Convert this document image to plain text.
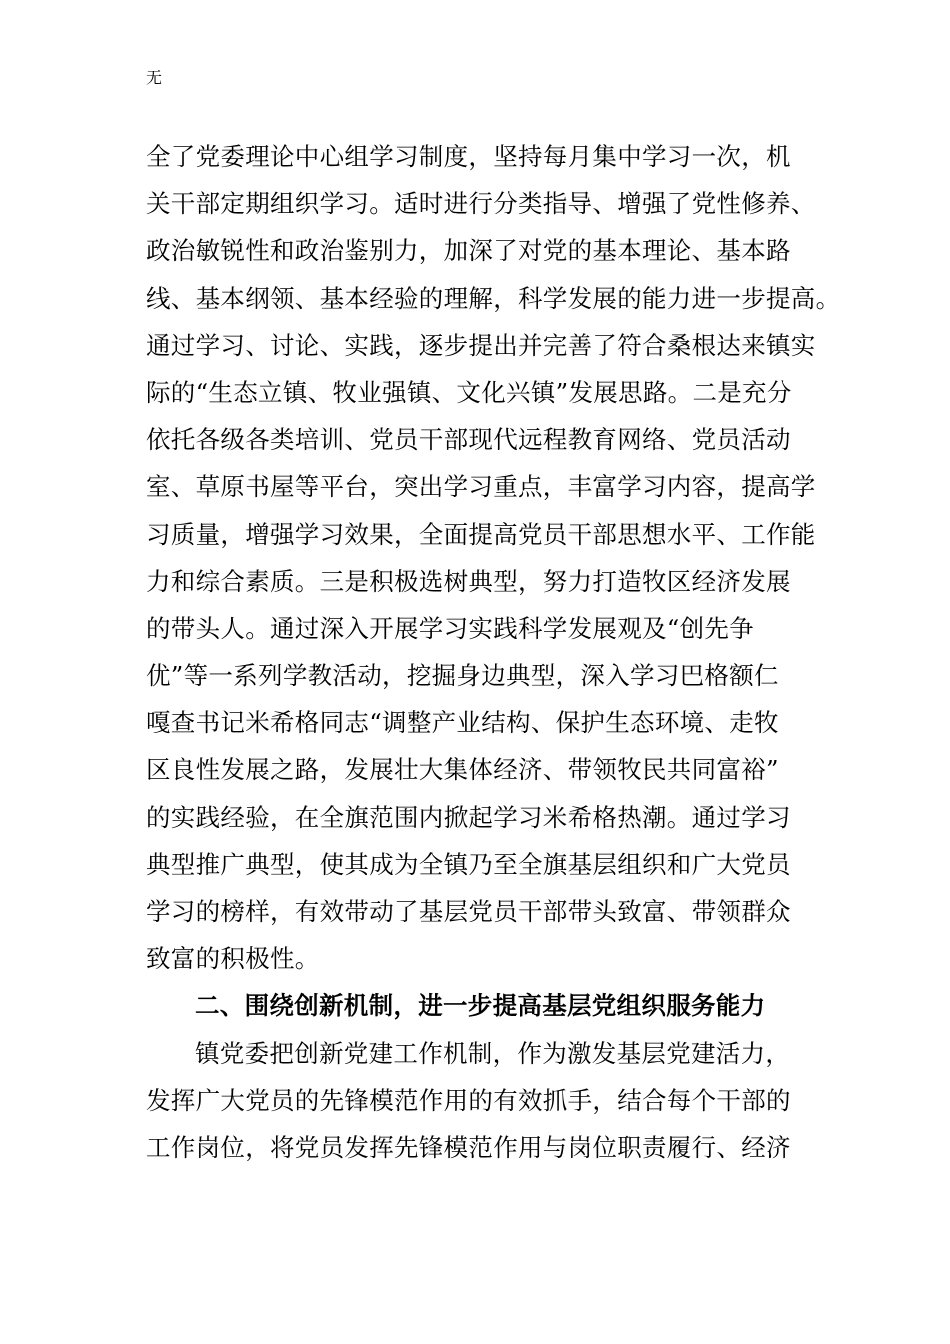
无
全了党委理论中心组学习制度，坚持每月集中学习一次，机
关干部定期组织学习。适时进行分类指导、增强了党性修养、
政治敏锐性和政治鉴别力，加深了对党的基本理论、基本路
线、基本纲领、基本经验的理解，科学发展的能力进一步提高。
通过学习、讨论、实践，逐步提出并完善了符合桑根达来镇实
际的“生态立镇、牧业强镇、文化兴镇”发展思路。二是充分
依托各级各类培训、党员干部现代远程教育网络、党员活动
室、草原书屋等平台，突出学习重点，丰富学习内容，提高学
习质量，增强学习效果，全面提高党员干部思想水平、工作能
力和综合素质。三是积极选树典型，努力打造牧区经济发展
的带头人。通过深入开展学习实践科学发展观及“创先争
优”等一系列学教活动，挖掘身边典型，深入学习巴格额仁
嘎查书记米希格同志“调整产业结构、保护生态环境、走牧
区良性发展之路，发展壮大集体经济、带领牧民共同富裕”
的实践经验，在全旗范围内掀起学习米希格热潮。通过学习
典型推广典型，使其成为全镇乃至全旗基层组织和广大党员
学习的榜样，有效带动了基层党员干部带头致富、带领群众
致富的积极性。
二、围绕创新机制，进一步提高基层党组织服务能力
镇党委把创新党建工作机制，作为激发基层党建活力，
发挥广大党员的先锋模范作用的有效抓手，结合每个干部的
工作岗位，将党员发挥先锋模范作用与岗位职责履行、经济
